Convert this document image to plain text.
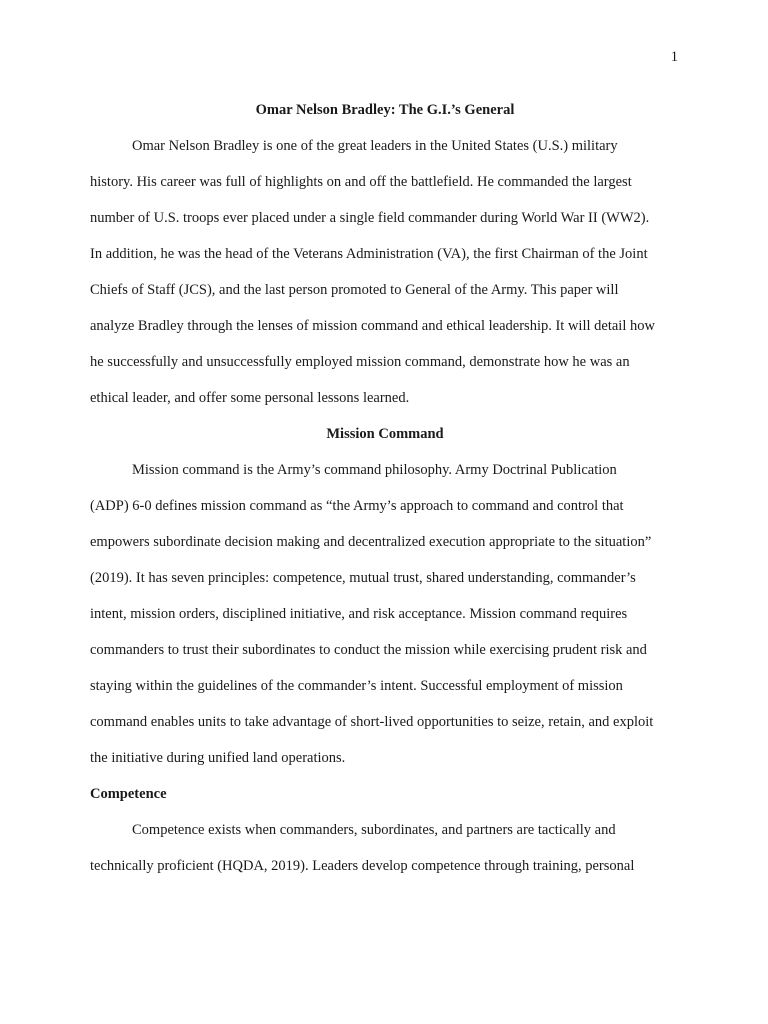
1

Omar Nelson Bradley: The G.I.’s General

Omar Nelson Bradley is one of the great leaders in the United States (U.S.) military
history. His career was full of highlights on and off the battlefield. He commanded the largest
number of U.S. troops ever placed under a single field commander during World War II (WW2).
In addition, he was the head of the Veterans Administration (VA), the first Chairman of the Joint
Chiefs of Staff (JCS), and the last person promoted to General of the Army. This paper will
analyze Bradley through the lenses of mission command and ethical leadership. It will detail how
he successfully and unsuccessfully employed mission command, demonstrate how he was an
ethical leader, and offer some personal lessons learned.

Mission Command

Mission command is the Army’s command philosophy. Army Doctrinal Publication
(ADP) 6-0 defines mission command as “the Army’s approach to command and control that
empowers subordinate decision making and decentralized execution appropriate to the situation”
(2019). It has seven principles: competence, mutual trust, shared understanding, commander’s
intent, mission orders, disciplined initiative, and risk acceptance. Mission command requires
commanders to trust their subordinates to conduct the mission while exercising prudent risk and
staying within the guidelines of the commander’s intent. Successful employment of mission
command enables units to take advantage of short-lived opportunities to seize, retain, and exploit
the initiative during unified land operations.

Competence

Competence exists when commanders, subordinates, and partners are tactically and
technically proficient (HQDA, 2019). Leaders develop competence through training, personal
